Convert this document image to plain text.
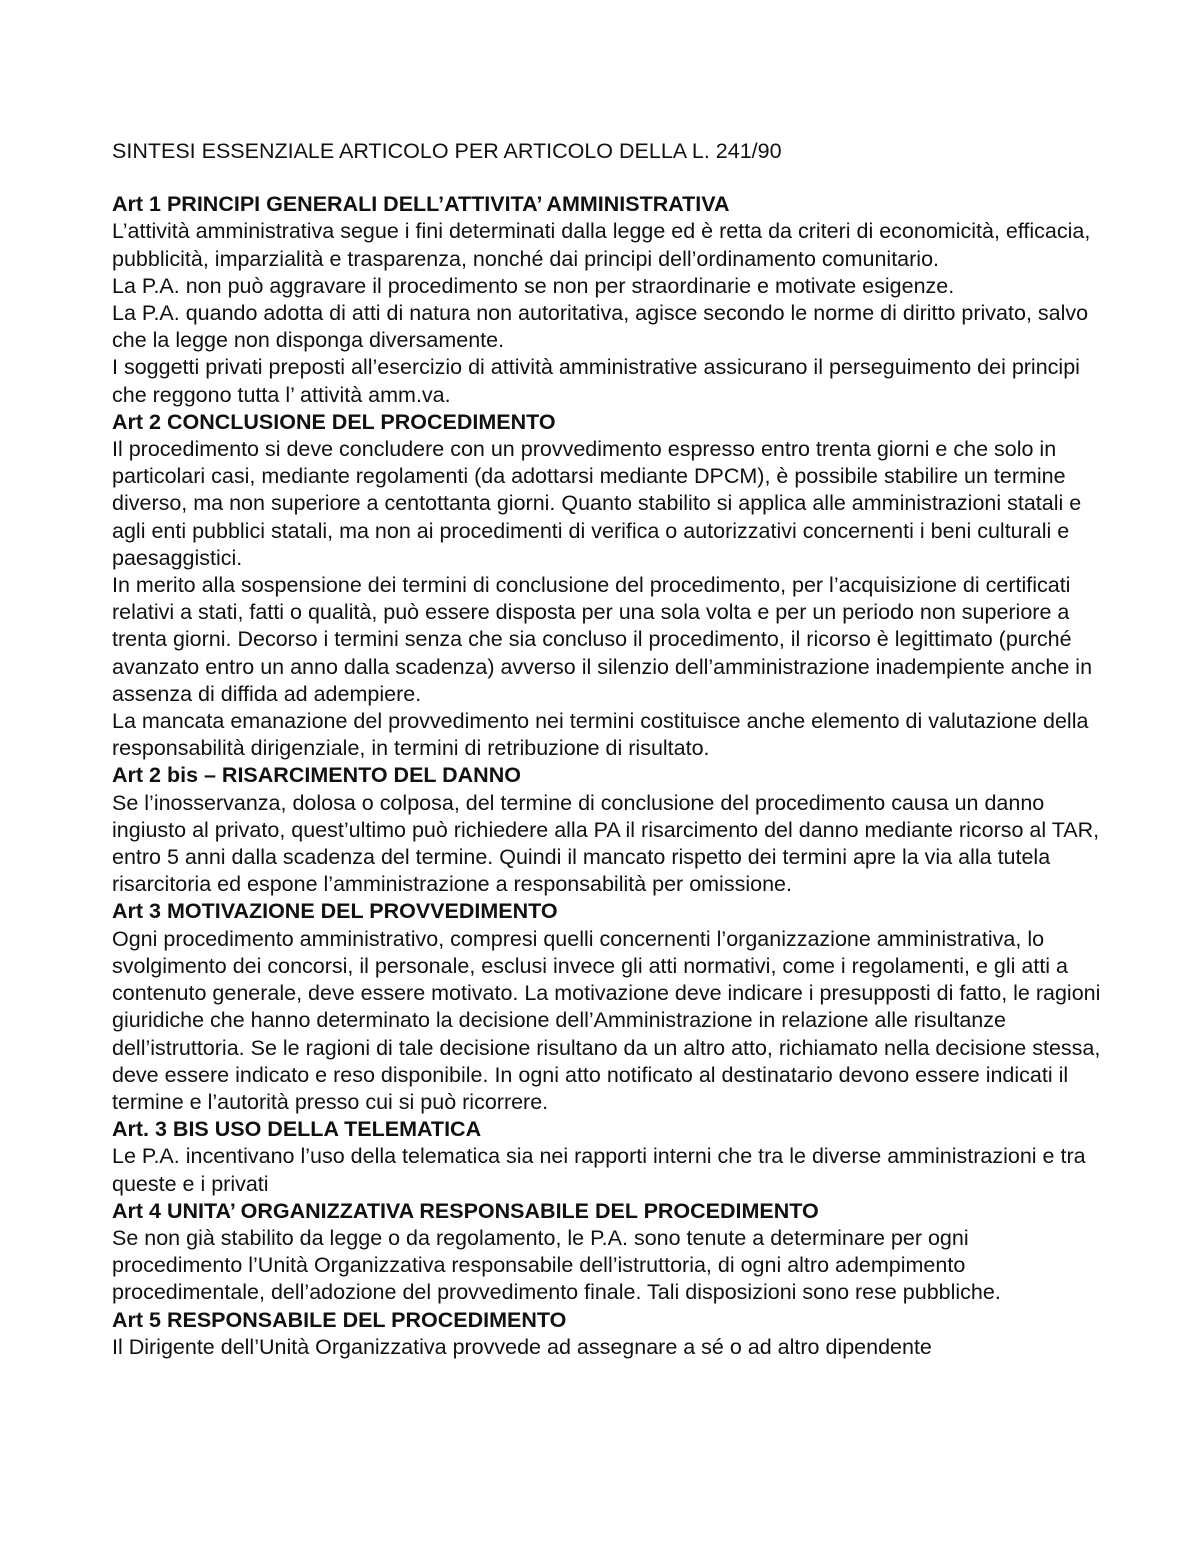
SINTESI ESSENZIALE ARTICOLO PER ARTICOLO DELLA L. 241/90

Art 1 PRINCIPI GENERALI DELL’ATTIVITA’ AMMINISTRATIVA

L’attività amministrativa segue i fini determinati dalla legge ed è retta da criteri di economicità, efficacia, pubblicità, imparzialità e trasparenza, nonché dai principi dell’ordinamento comunitario.

La P.A. non può aggravare il procedimento se non per straordinarie e motivate esigenze.

La P.A. quando adotta di atti di natura non autoritativa, agisce secondo le norme di diritto privato, salvo che la legge non disponga diversamente.

I soggetti privati preposti all’esercizio di attività amministrative assicurano il perseguimento dei principi che reggono tutta l’ attività amm.va.

Art 2 CONCLUSIONE DEL PROCEDIMENTO

Il procedimento si deve concludere con un provvedimento espresso entro trenta giorni e che solo in particolari casi, mediante regolamenti (da adottarsi mediante DPCM), è possibile stabilire un termine diverso, ma non superiore a centottanta giorni. Quanto stabilito si applica alle amministrazioni statali e agli enti pubblici statali, ma non ai procedimenti di verifica o autorizzativi concernenti i beni culturali e paesaggistici.

In merito alla sospensione dei termini di conclusione del procedimento, per l’acquisizione di certificati relativi a stati, fatti o qualità, può essere disposta per una sola volta e per un periodo non superiore a trenta giorni. Decorso i termini senza che sia concluso il procedimento, il ricorso è legittimato (purché avanzato entro un anno dalla scadenza) avverso il silenzio dell’amministrazione inadempiente anche in assenza di diffida ad adempiere.

La mancata emanazione del provvedimento nei termini costituisce anche elemento di valutazione della responsabilità dirigenziale, in termini di retribuzione di risultato.

Art 2 bis – RISARCIMENTO DEL DANNO

Se l’inosservanza, dolosa o colposa, del termine di conclusione del procedimento causa un danno ingiusto al privato, quest’ultimo può richiedere alla PA il risarcimento del danno mediante ricorso al TAR, entro 5 anni dalla scadenza del termine. Quindi il mancato rispetto dei termini apre la via alla tutela risarcitoria ed espone l’amministrazione a responsabilità per omissione.

Art 3 MOTIVAZIONE DEL PROVVEDIMENTO

Ogni procedimento amministrativo, compresi quelli concernenti l’organizzazione amministrativa, lo svolgimento dei concorsi, il personale, esclusi invece gli atti normativi, come i regolamenti, e gli atti a contenuto generale, deve essere motivato. La motivazione deve indicare i presupposti di fatto, le ragioni giuridiche che hanno determinato la decisione dell’Amministrazione in relazione alle risultanze dell’istruttoria. Se le ragioni di tale decisione risultano da un altro atto, richiamato nella decisione stessa, deve essere indicato e reso disponibile. In ogni atto notificato al destinatario devono essere indicati il termine e l’autorità presso cui si può ricorrere.

Art. 3 BIS USO DELLA TELEMATICA

Le P.A. incentivano l’uso della telematica sia nei rapporti interni che tra le diverse amministrazioni e tra queste e i privati

Art 4 UNITA’ ORGANIZZATIVA RESPONSABILE DEL PROCEDIMENTO

Se non già stabilito da legge o da regolamento, le P.A. sono tenute a determinare per ogni procedimento l’Unità Organizzativa responsabile dell’istruttoria, di ogni altro adempimento procedimentale, dell’adozione del provvedimento finale. Tali disposizioni sono rese pubbliche.

Art 5 RESPONSABILE DEL PROCEDIMENTO

Il Dirigente dell’Unità Organizzativa provvede ad assegnare a sé o ad altro dipendente
